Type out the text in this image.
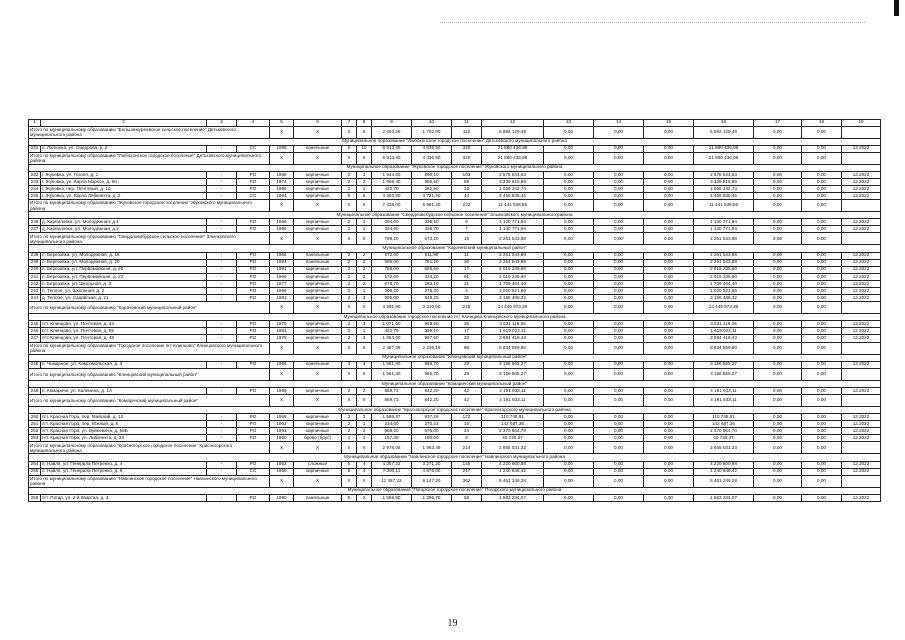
1	2	3	4	5	6	7	8	9	10	11	12	13	14	15	16	17	18	19
Итого по муниципальному образованию "Большемуреевское сельское поселение" Дятьковского муниципального района				X	X	X	X	2 603,29	1 702,00	112	5 882 129,49	0,00	0,00	0,00	5 882 129,49	0,00	0,00	
Муниципальное образование "Любохонское городское поселение" Дятьковского муниципального района																		
231	п. Любохна, ул. Сидорова, д. 2	-	CC	1988	панельные	5	10	6 913,40	4 336,50	320	21 880 436,98	0,00	0,00	0,00	21 880 436,98	0,00	0,00	12.2022
Итого по муниципальному образованию "Любохонское городское поселение" Дятьковского муниципального района				X	X	X	X	6 913,40	4 336,50	320	21 880 436,98	0,00	0,00	0,00	21 880 436,98	0,00	0,00	
Муниципальное образование "Жуковское городское поселение" Жуковского муниципального района																		
232	г. Жуковка, ул. Гоголя, д. 1	-	PO	1988	кирпичные	2	3	1 644,00	890,10	103	2 578 544,63	0,00	0,00	0,00	2 578 544,63	0,00	0,00	12.2022
233	г. Жуковка, ул. Карла Маркса, д. 60	-	PO	1974	кирпичные	2	2	1 069,40	986,50	59	3 339 815,89	0,00	0,00	0,00	3 339 815,89	0,00	0,00	12.2022
234	г. Жуковка, пер. Почтовый, д. 10	-	PO	1986	кирпичные	2	1	420,70	382,90	16	1 066 342,74	0,00	0,00	0,00	1 066 342,74	0,00	0,00	12.2022
235	г. Жуковка, ул. Карла Либкнехта, д. 2	-	CC	1984	кирпичные	5	6	4 303,90	3 721,90	44	4 456 835,45	0,00	0,00	0,00	4 456 835,45	0,00	0,00	12.2022
Итого по муниципальному образованию "Жуковское городское поселение" Жуковского муниципального района				X	X	X	X	7 438,00	5 981,40	222	11 441 538,55	0,00	0,00	0,00	11 441 538,55	0,00	0,00	
Муниципальное образование "Свердловобудское сельское поселение" Злынковского муниципального района																		
236	д. Карпиловка, ул. Молодежная, д.1	-	PO	1986	кирпичные	2	1	394,60	336,50	8	1 130 771,94	0,00	0,00	0,00	1 130 771,94	0,00	0,00	12.2022
237	д. Карпиловка, ул. Молодежная, д.2	-	PO	1986	кирпичные	2	1	394,60	336,70	7	1 130 771,94	0,00	0,00	0,00	1 130 771,94	0,00	0,00	12.2022
Итого по муниципальному образованию "Свердловобудское сельское поселение" Злынковского муниципального района				X	X	X	X	789,20	673,20	15	2 261 543,88	0,00	0,00	0,00	2 261 543,88	0,00	0,00	
Муниципальное образование "Карачевский муниципальный район"																		
238	п. Березовка, ул. Молодежная, д. 18	-	PO	1984	панельные	2	2	672,00	611,90	11	2 261 543,88	0,00	0,00	0,00	2 261 543,88	0,00	0,00	12.2022
239	п. Березовка, ул. Молодежная, д. 20	-	PO	1984	панельные	2	2	586,00	761,20	36	2 261 543,88	0,00	0,00	0,00	2 261 543,88	0,00	0,00	12.2022
240	п. Березовка, ул. Первомайская, д. 20	-	PO	1991	кирпичные	2	2	788,00	626,50	17	2 019 235,60	0,00	0,00	0,00	2 019 235,60	0,00	0,00	12.2022
241	п. Березовка, ул. Первомайская, д. 22	-	PO	1966	кирпичные	2	2	572,00	333,20	91	2 019 235,60	0,00	0,00	0,00	2 019 235,60	0,00	0,00	12.2022
242	п. Березовка, ул. Школьная, д. 3	-	PO	1977	кирпичные	2	2	678,70	263,10	31	1 709 404,40	0,00	0,00	0,00	1 709 404,40	0,00	0,00	12.2022
243	п. Теплое, ул. Школьная, д. 2	-	PO	1956	кирпичные	2	1	306,20	276,30	4	1 020 521,66	0,00	0,00	0,00	1 020 521,66	0,00	0,00	12.2022
244	д. Теплое, ул. Садовская, д. 21	-	PO	1983	кирпичные	2	3	995,00	848,25	35	3 158 488,32	0,00	0,00	0,00	3 158 488,32	0,00	0,00	12.2022
Итого по муниципальному образованию "Карачевский муниципальный район"				X	X	X	X	4 591,90	3 310,60	225	14 449 973,36	0,00	0,00	0,00	14 449 973,36	0,00	0,00	
Муниципальное образование городское поселение пгт Клинцово Клинцовского муниципального района																		
245	пгт. Клинцово, ул. Почтовая, д. 43	-	PO	1979	кирпичные	2	3	1 071,60	968,50	36	3 531 118,06	0,00	0,00	0,00	3 531 118,06	0,00	0,00	12.2022
246	пгт. Клинцово, ул. Почтовая, д. 55	-	PO	1981	кирпичные	2	1	432,79	399,19	17	1 619 023,11	0,00	0,00	0,00	1 619 023,11	0,00	0,00	12.2022
247	пгт. Клинцово, ул. Почтовая, д. 49	-	PO	1978	кирпичные	2	3	1 053,00	967,50	33	3 684 418,43	0,00	0,00	0,00	3 684 418,43	0,00	0,00	12.2022
Итого по муниципальному образованию "Городское поселение пгт Клинцово" Клинцовского муниципального района				X	X	X	X	2 487,39	2 235,19	86	8 834 559,60	0,00	0,00	0,00	8 834 559,60	0,00	0,00	
Муниципальное образование "Клинцовский муниципальный район"																		
248	п. Чьмарное, ул. Комсомольская, д. 3	-	PO	1966	панельные	3	3	1 561,40	966,70	29	3 166 565,27	0,00	0,00	0,00	3 166 565,27	0,00	0,00	12.2022
Итого по муниципальному образованию "Клинцовский муниципальный район"				X	X	X	X	1 561,40	966,70	29	3 166 565,27	0,00	0,00	0,00	3 166 565,27	0,00	0,00	
Муниципальное образование "Комаричский муниципальный район"																		
249	п. Комаричи, ул. Калинина, д. 1А	-	PO	1989	кирпичные	2	2	889,73	842,20	42	4 191 933,11	0,00	0,00	0,00	4 191 933,11	0,00	0,00	12.2022
Итого по муниципальному образованию "Комаричский муниципальный район"				X	X	X	X	889,73	842,20	42	4 191 933,11	0,00	0,00	0,00	4 191 933,11	0,00	0,00	
Муниципальное образование "Красногорское городское поселение" Красногорского муниципального района																		
250	пгт. Красная Гора, пер. Майский, д. 12	-	PO	1968	кирпичные	2	3	1 586,47	937,26	172	110 748,91	0,00	0,00	0,00	110 748,91	0,00	0,00	12.2022
251	пгт. Красная Гора, пер. Южный, д. 6	-	PO	1962	кирпичные	2	1	234,60	270,23	16	142 687,36	0,00	0,00	0,00	142 687,36	0,00	0,00	12.2022
252	пгт. Красная Гора, ул. Буйневича, д. 56Б	-	PO	1991	кирпичные	2	2	669,60	676,00	24	2 370 864,70	0,00	0,00	0,00	2 370 864,70	0,00	0,00	12.2022
253	пгт. Красная Гора, ул. Либкнехта, д. 23	-	PO	1950	брево (брус)	1	1	157,39	180,00	5	40 730,37	0,00	0,00	0,00	40 730,37	0,00	0,00	12.2022
Итого по муниципальному образованию "Красногорское городское поселение" Красногорского муниципального района				X	X	X	X	2 978,06	1 963,49	214	2 665 031,33	0,00	0,00	0,00	2 665 031,33	0,00	0,00	
Муниципальное образование "Навлинское городское поселение" Навлинского муниципального района																		
254	п. Навля, ул. Генерала Петренко, д. 4	-	PO	1963	сложные	5	4	4 357,22	3 271,20	145	4 220 600,88	0,00	0,00	0,00	4 220 600,88	0,00	0,00	12.2022
255	п. Навля, ул. Генерала Петренко, д. 6	-	CC	1968	кирпичные	5	4	7 000,11	4 876,00	217	1 240 648,42	0,00	0,00	0,00	1 240 648,42	0,00	0,00	12.2022
Итого по муниципальному образованию "Навлинское городское поселение" Навлинского муниципального района				X	X	X	X	11 357,33	8 147,20	362	5 461 249,28	0,00	0,00	0,00	5 461 249,28	0,00	0,00	
Муниципальное образование "Погарское городское поселение" Погарского муниципального района																		
256	пгт. Погар, ул. 2-й Квартал, д. 3	-	PO	1990	панельные	5	2	1 559,80	1 396,70	58	1 583 234,07	0,00	0,00	0,00	1 583 234,07	0,00	0,00	12.2022
19
